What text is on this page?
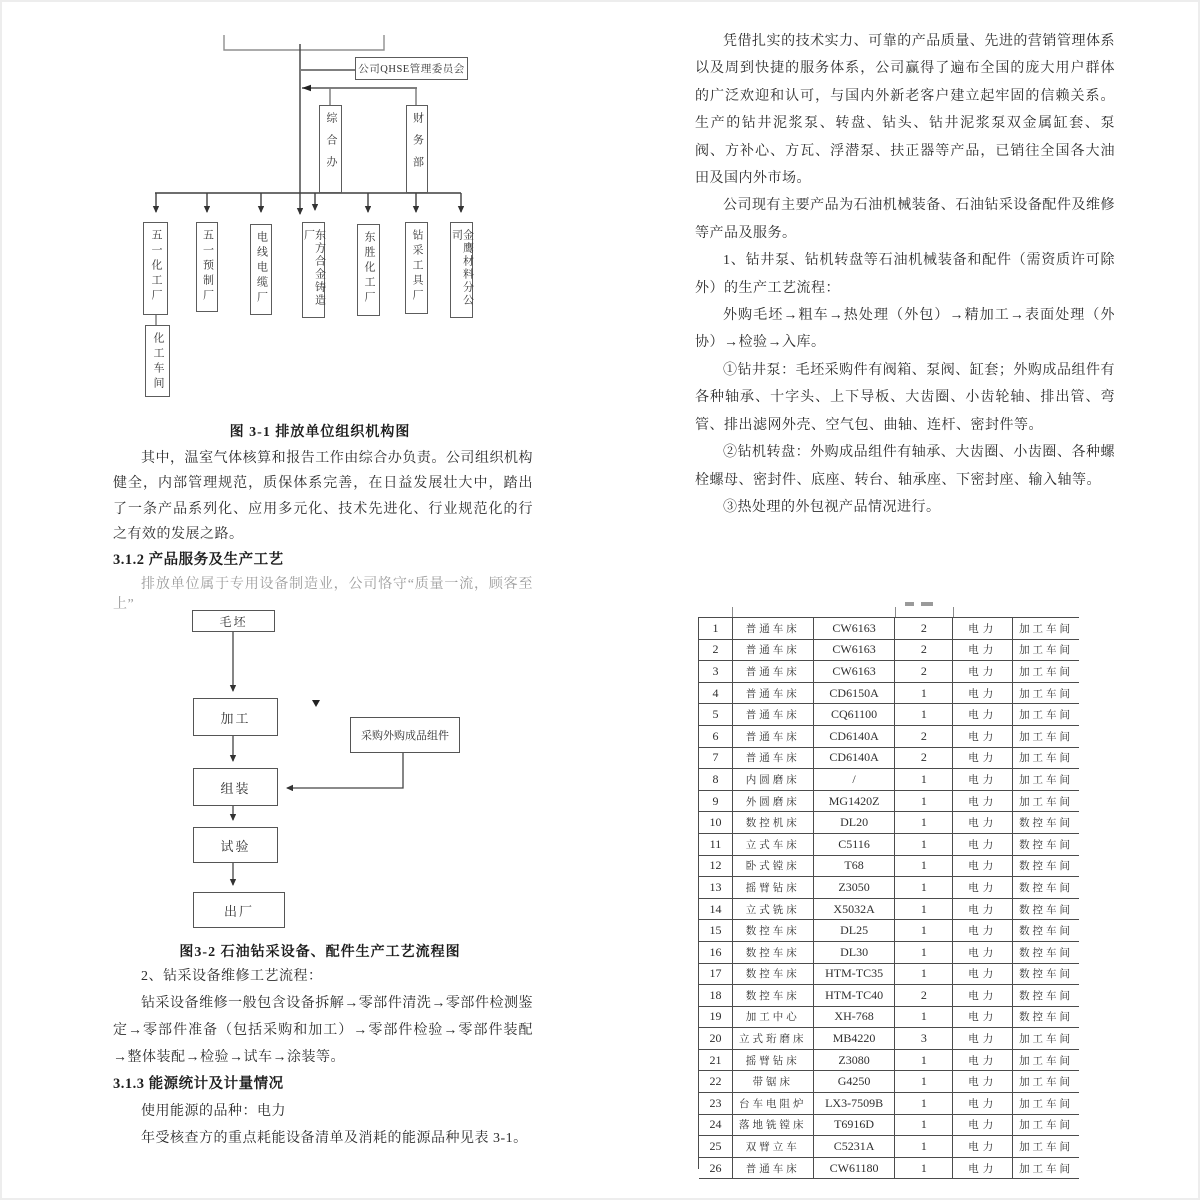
公司QHSE管理委员会
综合办	财务部
五一化工厂	五一预制厂	电线电缆厂	东方合金铸造厂	东胜化工厂	钻采工具厂	金鹰材料分公司
化工车间
图 3-1 排放单位组织机构图
其中，温室气体核算和报告工作由综合办负责。公司组织机构健全，内部管理规范，质保体系完善，在日益发展壮大中，踏出了一条产品系列化、应用多元化、技术先进化、行业规范化的行之有效的发展之路。
3.1.2 产品服务及生产工艺
排放单位属于专用设备制造业，公司恪守“质量一流，顾客至上”
毛坯
加工
采购外购成品组件
组装
试验
出厂
图3-2 石油钻采设备、配件生产工艺流程图
2、钻采设备维修工艺流程：
钻采设备维修一般包含设备拆解→零部件清洗→零部件检测鉴定→零部件准备（包括采购和加工）→零部件检验→零部件装配→整体装配→检验→试车→涂装等。
3.1.3 能源统计及计量情况
使用能源的品种：电力
年受核查方的重点耗能设备清单及消耗的能源品种见表 3-1。
凭借扎实的技术实力、可靠的产品质量、先进的营销管理体系以及周到快捷的服务体系，公司赢得了遍布全国的庞大用户群体的广泛欢迎和认可，与国内外新老客户建立起牢固的信赖关系。生产的钻井泥浆泵、转盘、钻头、钻井泥浆泵双金属缸套、泵阀、方补心、方瓦、浮潜泵、扶正器等产品，已销往全国各大油田及国内外市场。
公司现有主要产品为石油机械装备、石油钻采设备配件及维修等产品及服务。
1、钻井泵、钻机转盘等石油机械装备和配件（需资质许可除外）的生产工艺流程：
外购毛坯→粗车→热处理（外包）→精加工→表面处理（外协）→检验→入库。
①钻井泵：毛坯采购件有阀箱、泵阀、缸套；外购成品组件有各种轴承、十字头、上下导板、大齿圈、小齿轮轴、排出管、弯管、排出滤网外壳、空气包、曲轴、连杆、密封件等。
②钻机转盘：外购成品组件有轴承、大齿圈、小齿圈、各种螺栓螺母、密封件、底座、转台、轴承座、下密封座、输入轴等。
③热处理的外包视产品情况进行。
1	普通车床	CW6163	2	电力	加工车间
2	普通车床	CW6163	2	电力	加工车间
3	普通车床	CW6163	2	电力	加工车间
4	普通车床	CD6150A	1	电力	加工车间
5	普通车床	CQ61100	1	电力	加工车间
6	普通车床	CD6140A	2	电力	加工车间
7	普通车床	CD6140A	2	电力	加工车间
8	内圆磨床	/	1	电力	加工车间
9	外圆磨床	MG1420Z	1	电力	加工车间
10	数控机床	DL20	1	电力	数控车间
11	立式车床	C5116	1	电力	数控车间
12	卧式镗床	T68	1	电力	数控车间
13	摇臂钻床	Z3050	1	电力	数控车间
14	立式铣床	X5032A	1	电力	数控车间
15	数控车床	DL25	1	电力	数控车间
16	数控车床	DL30	1	电力	数控车间
17	数控车床	HTM-TC35	1	电力	数控车间
18	数控车床	HTM-TC40	2	电力	数控车间
19	加工中心	XH-768	1	电力	数控车间
20	立式珩磨床	MB4220	3	电力	加工车间
21	摇臂钻床	Z3080	1	电力	加工车间
22	带锯床	G4250	1	电力	加工车间
23	台车电阻炉	LX3-7509B	1	电力	加工车间
24	落地铣镗床	T6916D	1	电力	加工车间
25	双臂立车	C5231A	1	电力	加工车间
26	普通车床	CW61180	1	电力	加工车间
